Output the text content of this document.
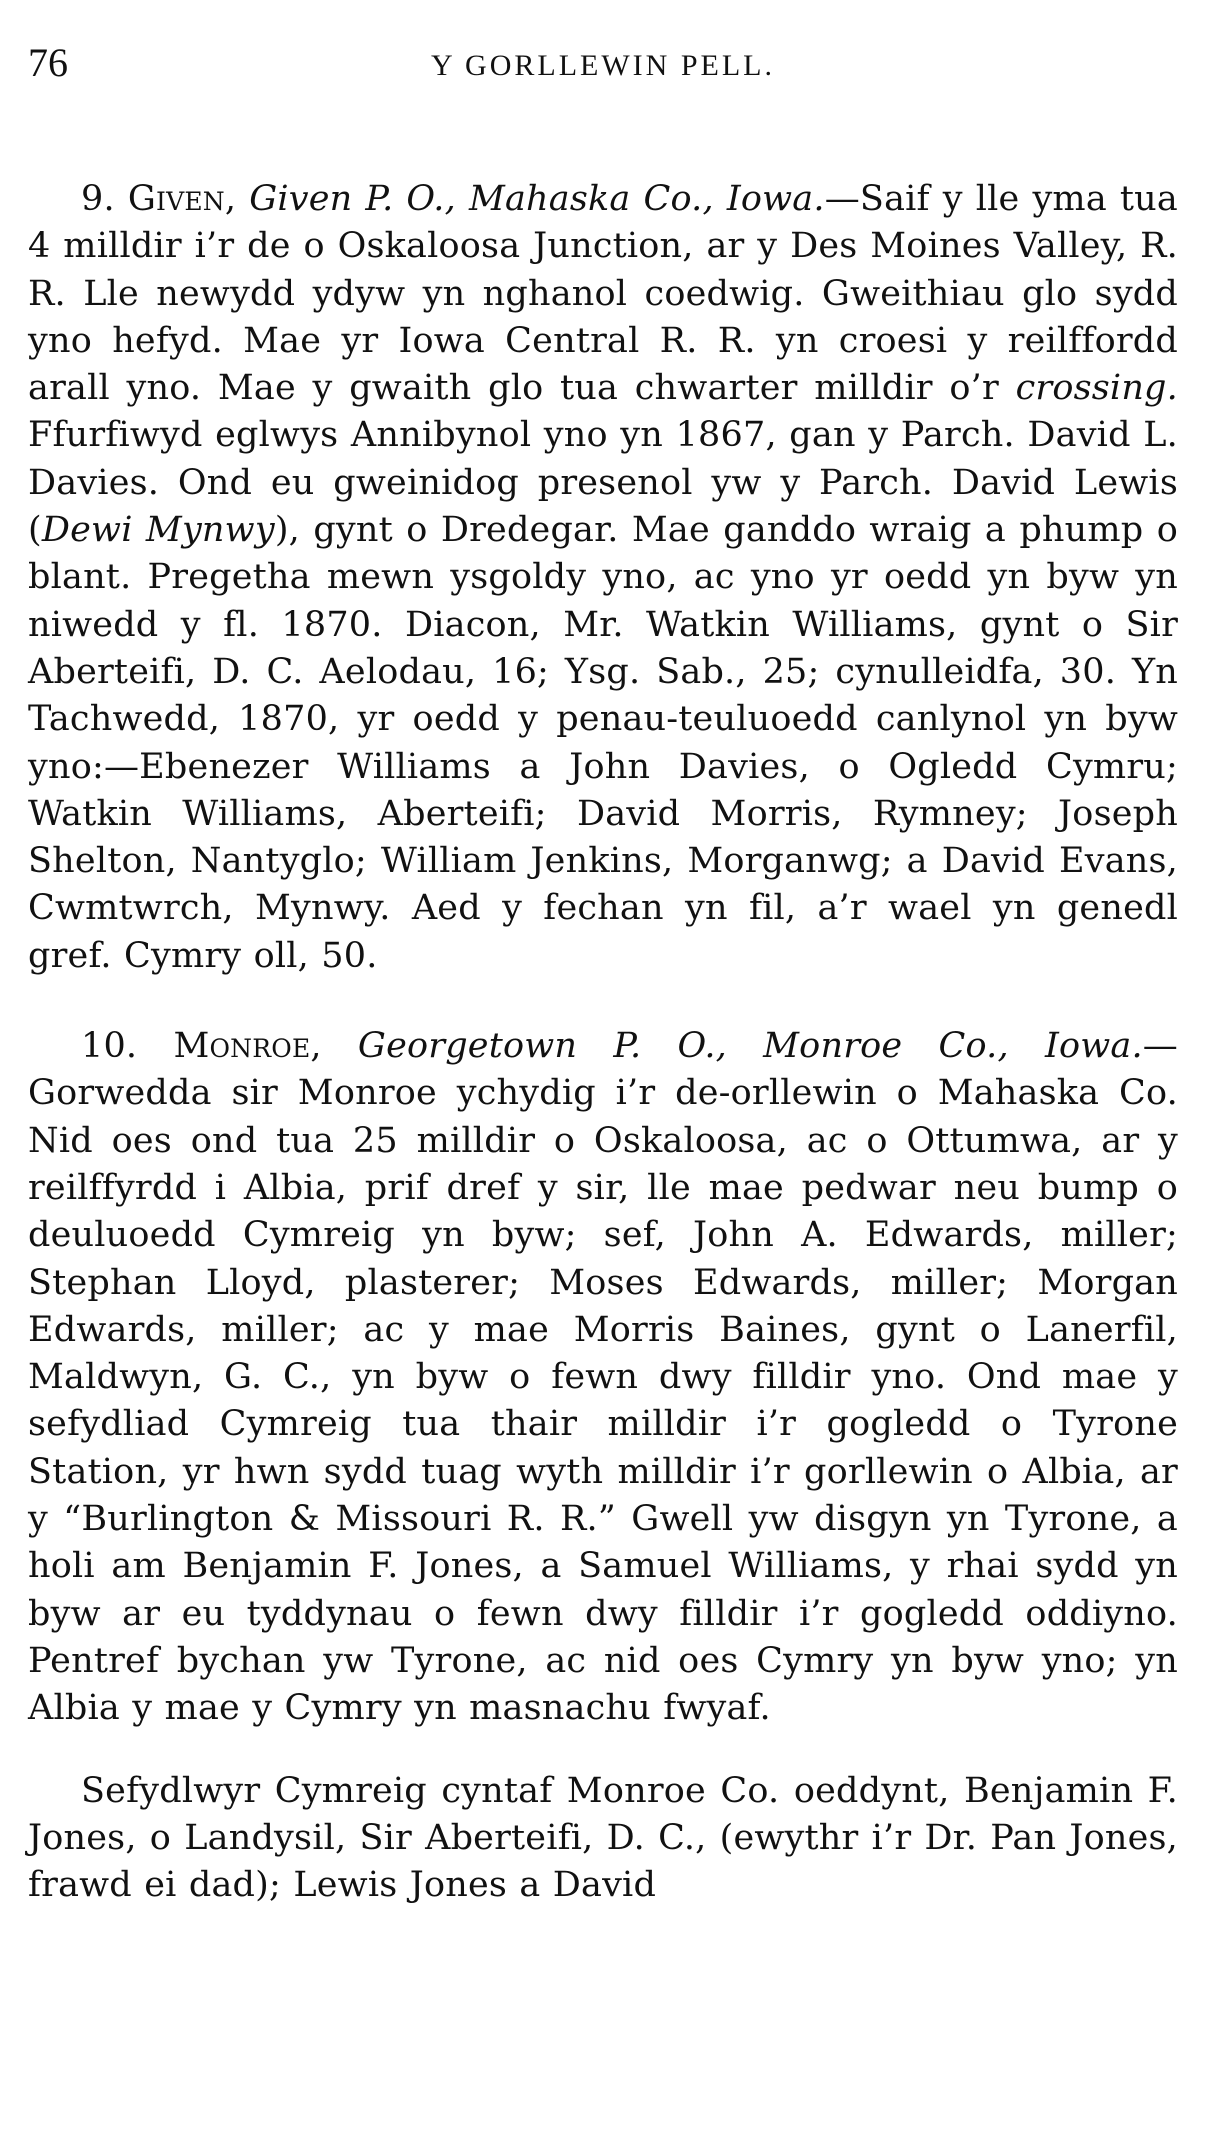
76	Y GORLLEWIN PELL.

9. Given, Given P. O., Mahaska Co., Iowa.—Saif y lle yma tua 4 milldir i’r de o Oskaloosa Junction, ar y Des Moines Valley, R. R. Lle newydd ydyw yn nghanol coedwig. Gweithiau glo sydd yno hefyd. Mae yr Iowa Central R. R. yn croesi y reilffordd arall yno. Mae y gwaith glo tua chwarter milldir o’r crossing. Ffurfiwyd eglwys Annibynol yno yn 1867, gan y Parch. David L. Davies. Ond eu gweinidog presenol yw y Parch. David Lewis (Dewi Mynwy), gynt o Dredegar. Mae ganddo wraig a phump o blant. Pregetha mewn ysgoldy yno, ac yno yr oedd yn byw yn niwedd y fl. 1870. Diacon, Mr. Watkin Williams, gynt o Sir Aberteifi, D. C. Aelodau, 16; Ysg. Sab., 25; cynulleidfa, 30. Yn Tachwedd, 1870, yr oedd y penau-teuluoedd canlynol yn byw yno:—Ebenezer Williams a John Davies, o Ogledd Cymru; Watkin Williams, Aberteifi; David Morris, Rymney; Joseph Shelton, Nantyglo; William Jenkins, Morganwg; a David Evans, Cwmtwrch, Mynwy. Aed y fechan yn fil, a’r wael yn genedl gref. Cymry oll, 50.

10. Monroe, Georgetown P. O., Monroe Co., Iowa.—Gorwedda sir Monroe ychydig i’r de-orllewin o Mahaska Co. Nid oes ond tua 25 milldir o Oskaloosa, ac o Ottumwa, ar y reilffyrdd i Albia, prif dref y sir, lle mae pedwar neu bump o deuluoedd Cymreig yn byw; sef, John A. Edwards, miller; Stephan Lloyd, plasterer; Moses Edwards, miller; Morgan Edwards, miller; ac y mae Morris Baines, gynt o Lanerfil, Maldwyn, G. C., yn byw o fewn dwy filldir yno. Ond mae y sefydliad Cymreig tua thair milldir i’r gogledd o Tyrone Station, yr hwn sydd tuag wyth milldir i’r gorllewin o Albia, ar y “Burlington & Missouri R. R.” Gwell yw disgyn yn Tyrone, a holi am Benjamin F. Jones, a Samuel Williams, y rhai sydd yn byw ar eu tyddynau o fewn dwy filldir i’r gogledd oddiyno. Pentref bychan yw Tyrone, ac nid oes Cymry yn byw yno; yn Albia y mae y Cymry yn masnachu fwyaf.

Sefydlwyr Cymreig cyntaf Monroe Co. oeddynt, Benjamin F. Jones, o Landysil, Sir Aberteifi, D. C., (ewythr i’r Dr. Pan Jones, frawd ei dad); Lewis Jones a David
